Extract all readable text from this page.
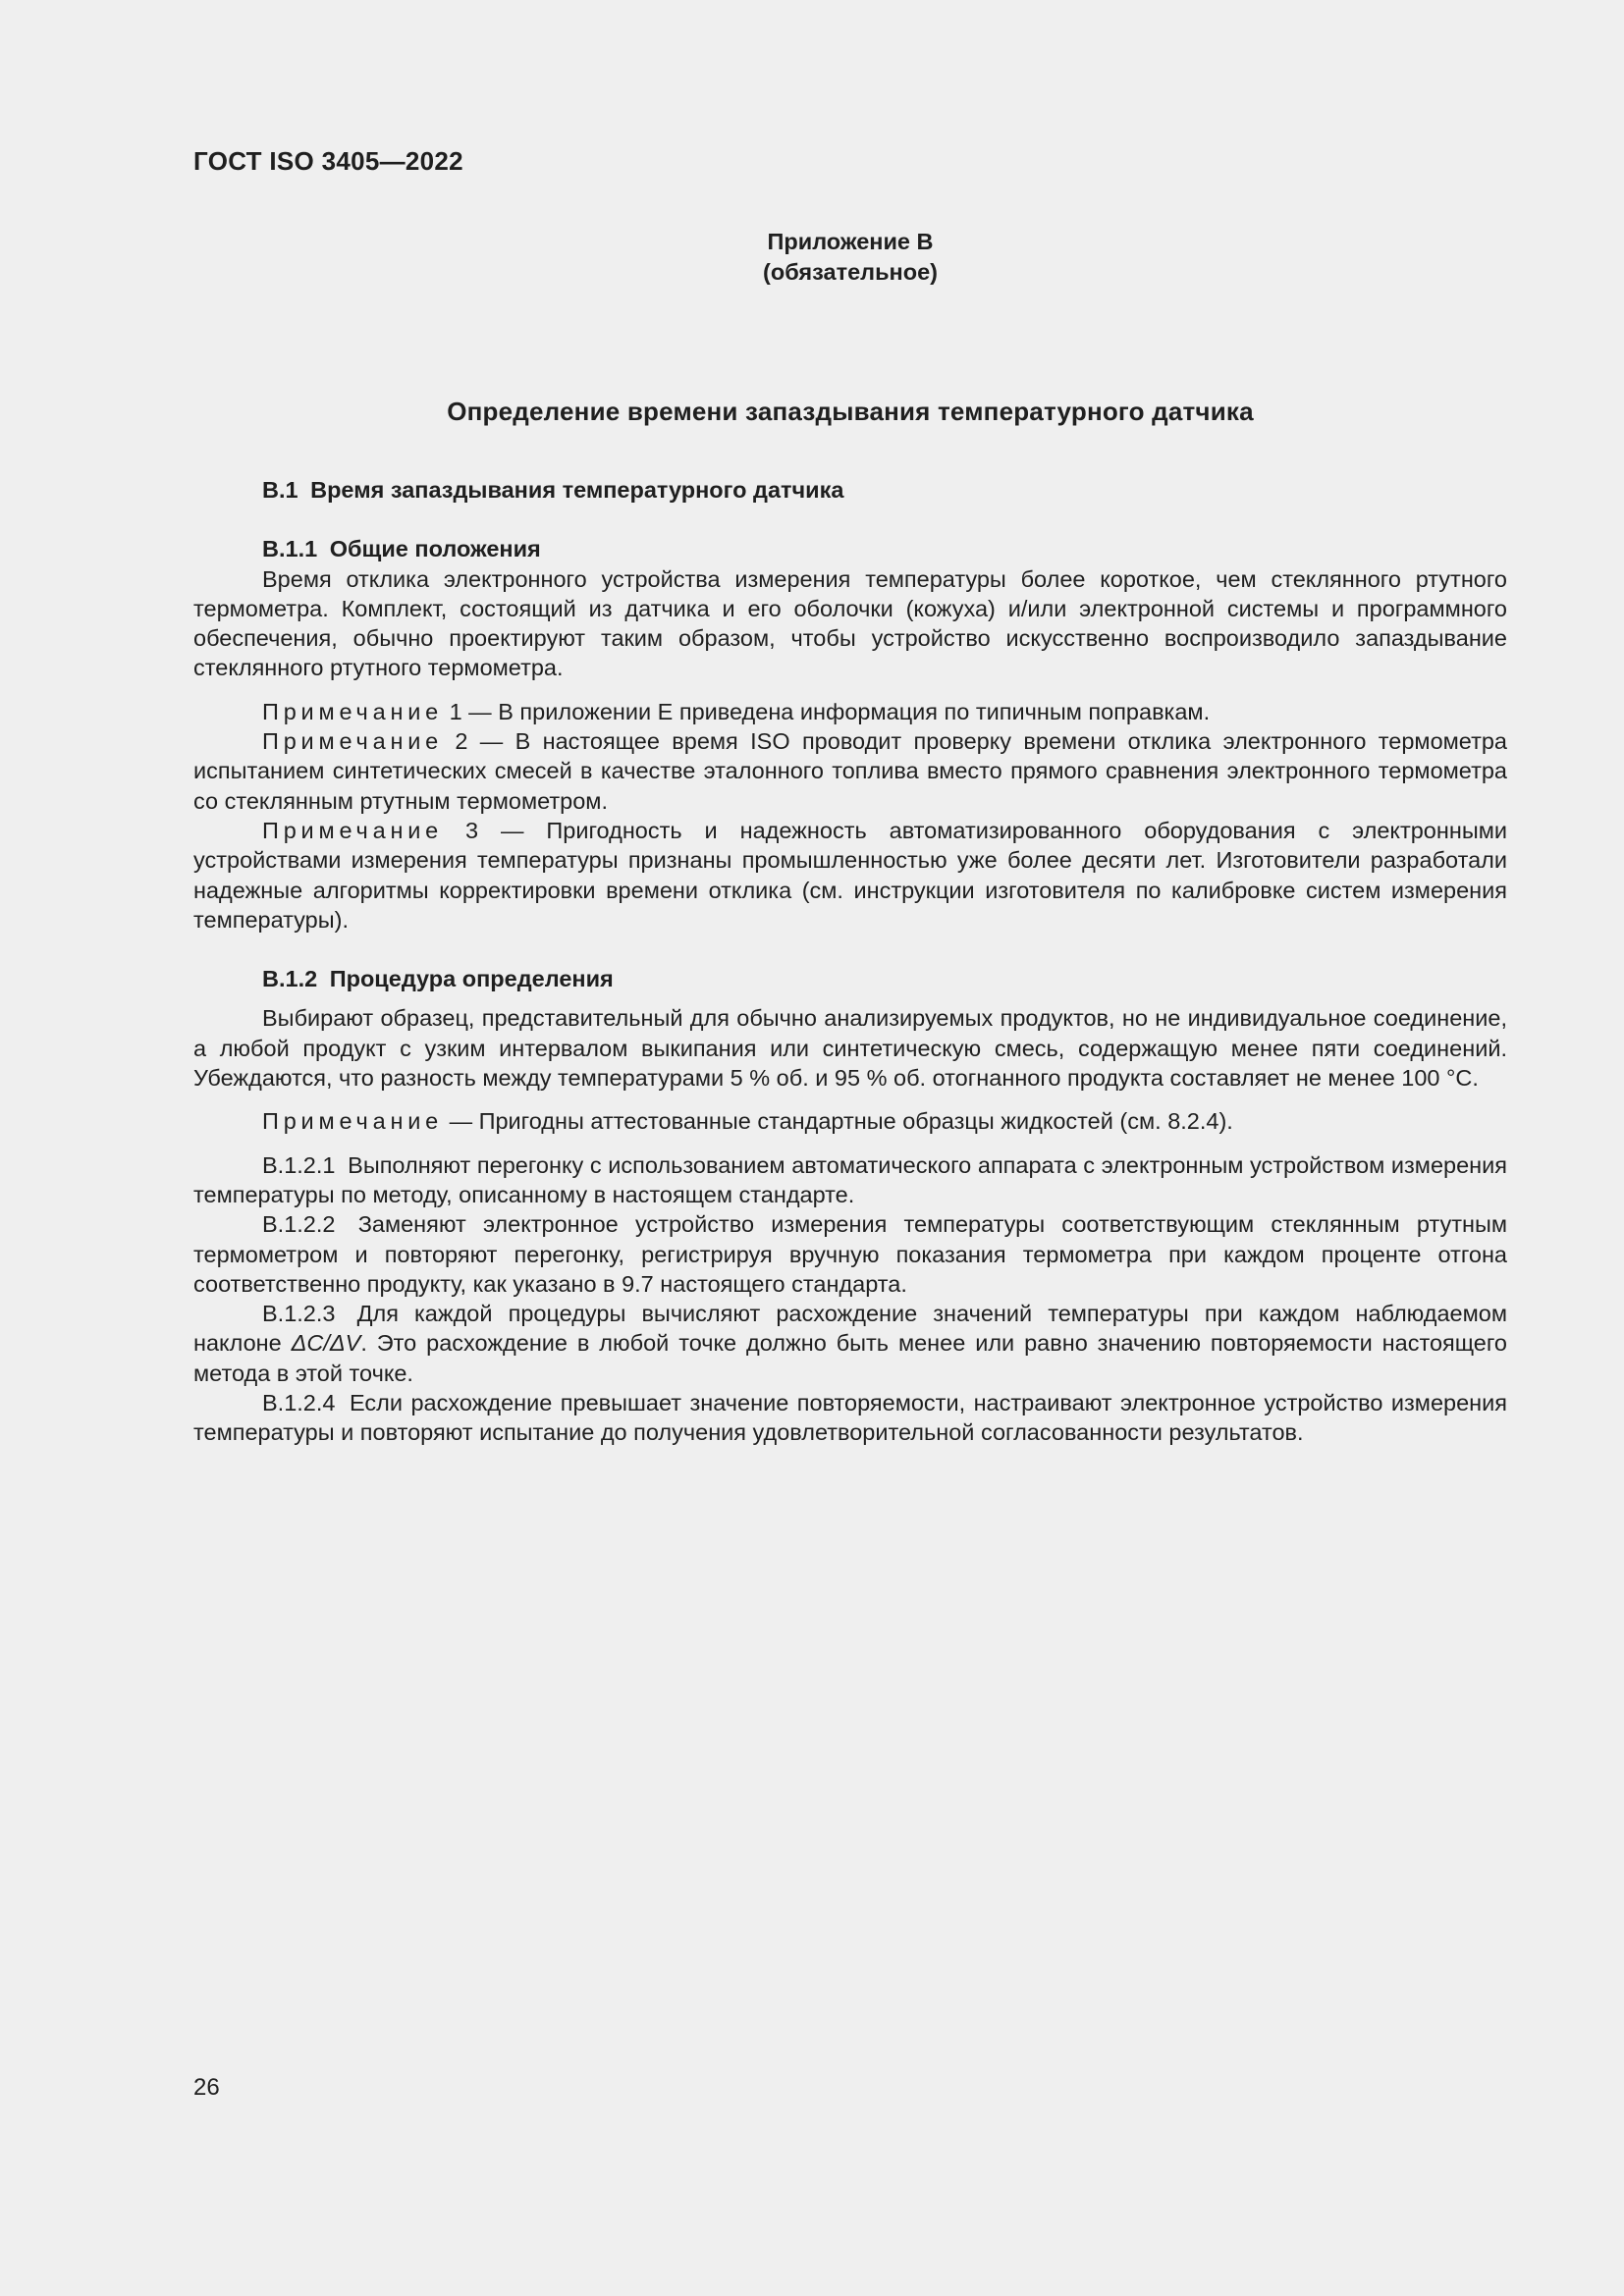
ГОСТ ISO 3405—2022
Приложение В
(обязательное)
Определение времени запаздывания температурного датчика

В.1 Время запаздывания температурного датчика

В.1.1 Общие положения

Время отклика электронного устройства измерения температуры более короткое, чем стеклянного ртутного термометра. Комплект, состоящий из датчика и его оболочки (кожуха) и/или электронной системы и программного обеспечения, обычно проектируют таким образом, чтобы устройство искусственно воспроизводило запаздывание стеклянного ртутного термометра.

Примечание 1 — В приложении Е приведена информация по типичным поправкам.

Примечание 2 — В настоящее время ISO проводит проверку времени отклика электронного термометра испытанием синтетических смесей в качестве эталонного топлива вместо прямого сравнения электронного термометра со стеклянным ртутным термометром.

Примечание 3 — Пригодность и надежность автоматизированного оборудования с электронными устройствами измерения температуры признаны промышленностью уже более десяти лет. Изготовители разработали надежные алгоритмы корректировки времени отклика (см. инструкции изготовителя по калибровке систем измерения температуры).

В.1.2 Процедура определения

Выбирают образец, представительный для обычно анализируемых продуктов, но не индивидуальное соединение, а любой продукт с узким интервалом выкипания или синтетическую смесь, содержащую менее пяти соединений. Убеждаются, что разность между температурами 5 % об. и 95 % об. отогнанного продукта составляет не менее 100 °С.

Примечание — Пригодны аттестованные стандартные образцы жидкостей (см. 8.2.4).

В.1.2.1 Выполняют перегонку с использованием автоматического аппарата с электронным устройством измерения температуры по методу, описанному в настоящем стандарте.

В.1.2.2 Заменяют электронное устройство измерения температуры соответствующим стеклянным ртутным термометром и повторяют перегонку, регистрируя вручную показания термометра при каждом проценте отгона соответственно продукту, как указано в 9.7 настоящего стандарта.

В.1.2.3 Для каждой процедуры вычисляют расхождение значений температуры при каждом наблюдаемом наклоне ΔC/ΔV. Это расхождение в любой точке должно быть менее или равно значению повторяемости настоящего метода в этой точке.

В.1.2.4 Если расхождение превышает значение повторяемости, настраивают электронное устройство измерения температуры и повторяют испытание до получения удовлетворительной согласованности результатов.

26
